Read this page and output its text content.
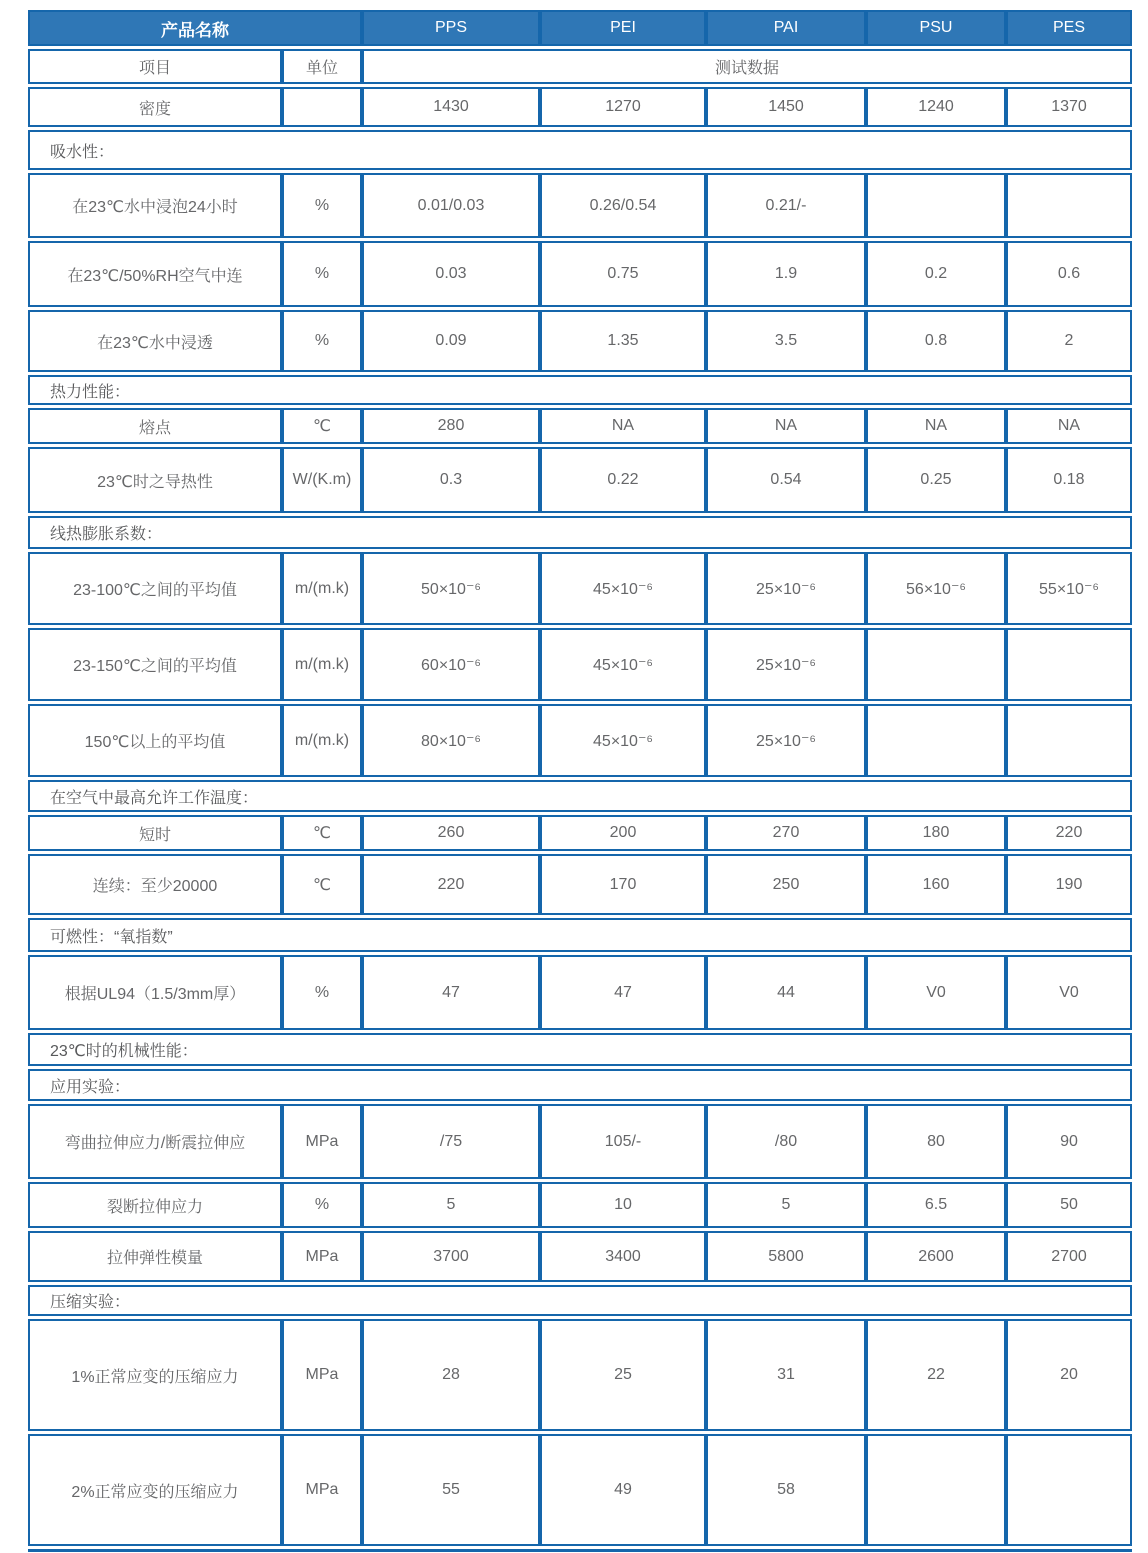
产品名称		PPS	PEI	PAI	PSU	PES
项目	单位	测试数据				
密度		1430	1270	1450	1240	1370
吸水性：						
在23℃水中浸泡24小时	%	0.01/0.03	0.26/0.54	0.21/-		
在23℃/50%RH空气中连	%	0.03	0.75	1.9	0.2	0.6
在23℃水中浸透	%	0.09	1.35	3.5	0.8	2
热力性能：						
熔点	℃	280	NA	NA	NA	NA
23℃时之导热性	W/(K.m)	0.3	0.22	0.54	0.25	0.18
线热膨胀系数：						
23-100℃之间的平均值	m/(m.k)	50×10⁻⁶	45×10⁻⁶	25×10⁻⁶	56×10⁻⁶	55×10⁻⁶
23-150℃之间的平均值	m/(m.k)	60×10⁻⁶	45×10⁻⁶	25×10⁻⁶		
150℃以上的平均值	m/(m.k)	80×10⁻⁶	45×10⁻⁶	25×10⁻⁶		
在空气中最高允许工作温度：						
短时	℃	260	200	270	180	220
连续：至少20000	℃	220	170	250	160	190
可燃性：“氧指数”						
根据UL94（1.5/3mm厚）	%	47	47	44	V0	V0
23℃时的机械性能：						
应用实验：						
弯曲拉伸应力/断震拉伸应	MPa	/75	105/-	/80	80	90
裂断拉伸应力	%	5	10	5	6.5	50
拉伸弹性模量	MPa	3700	3400	5800	2600	2700
压缩实验：						
1%正常应变的压缩应力	MPa	28	25	31	22	20
2%正常应变的压缩应力	MPa	55	49	58		
